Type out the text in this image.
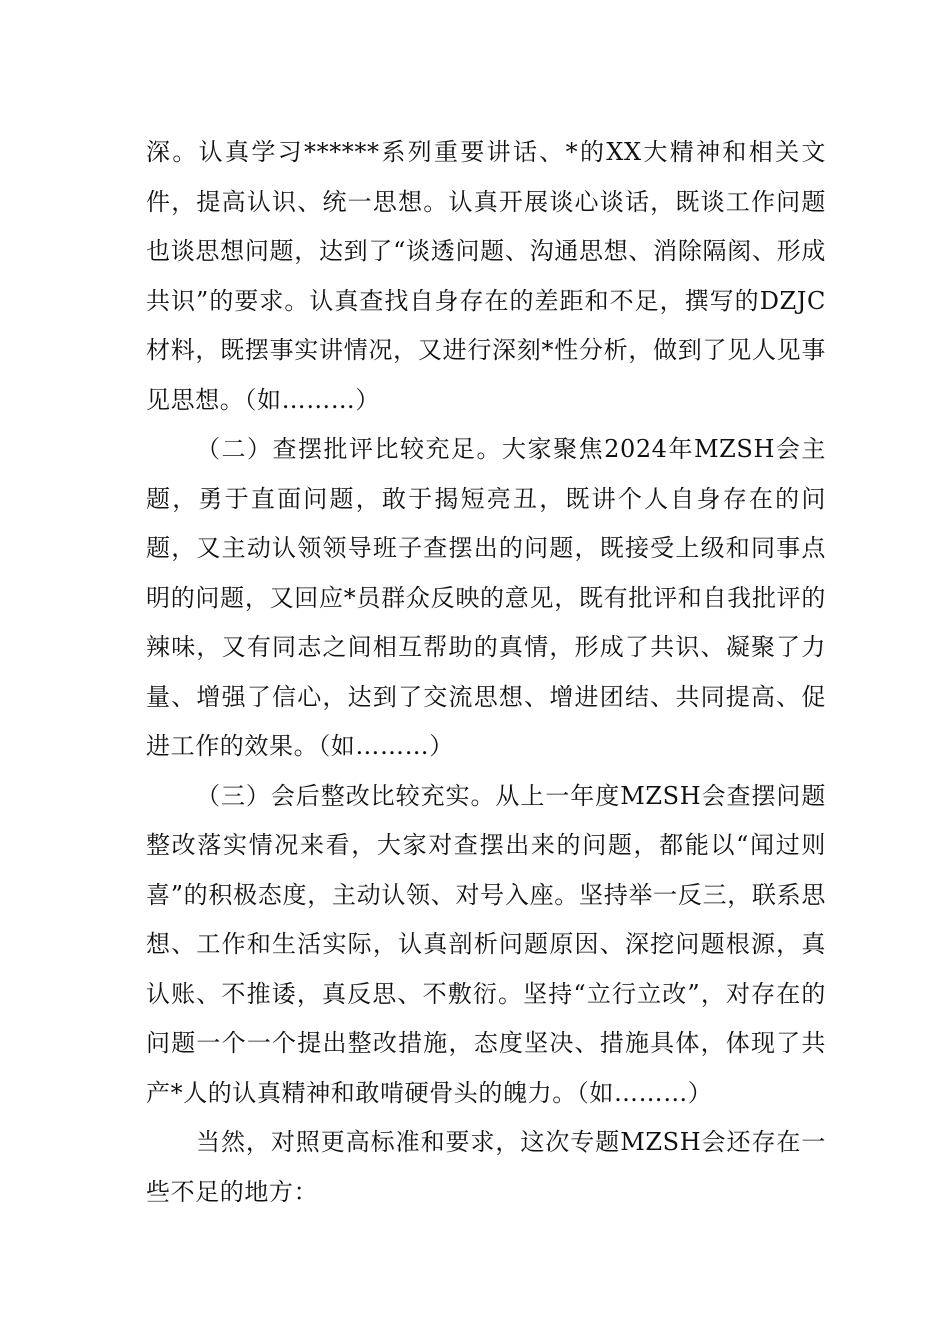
深。认真学习******系列重要讲话、*的XX大精神和相关文件，提高认识、统一思想。认真开展谈心谈话，既谈工作问题也谈思想问题，达到了“谈透问题、沟通思想、消除隔阂、形成共识”的要求。认真查找自身存在的差距和不足，撰写的DZJC材料，既摆事实讲情况，又进行深刻*性分析，做到了见人见事见思想。（如………）

（二）查摆批评比较充足。大家聚焦2024年MZSH会主题，勇于直面问题，敢于揭短亮丑，既讲个人自身存在的问题，又主动认领领导班子查摆出的问题，既接受上级和同事点明的问题，又回应*员群众反映的意见，既有批评和自我批评的辣味，又有同志之间相互帮助的真情，形成了共识、凝聚了力量、增强了信心，达到了交流思想、增进团结、共同提高、促进工作的效果。（如………）

（三）会后整改比较充实。从上一年度MZSH会查摆问题整改落实情况来看，大家对查摆出来的问题，都能以“闻过则喜”的积极态度，主动认领、对号入座。坚持举一反三，联系思想、工作和生活实际，认真剖析问题原因、深挖问题根源，真认账、不推诿，真反思、不敷衍。坚持“立行立改”，对存在的问题一个一个提出整改措施，态度坚决、措施具体，体现了共产*人的认真精神和敢啃硬骨头的魄力。（如………）

当然，对照更高标准和要求，这次专题MZSH会还存在一些不足的地方：
